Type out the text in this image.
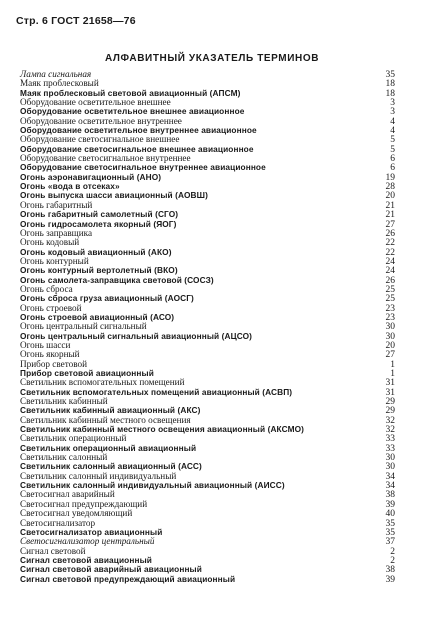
Стр. 6 ГОСТ 21658—76
АЛФАВИТНЫЙ УКАЗАТЕЛЬ ТЕРМИНОВ
Лампа сигнальная	35
Маяк проблесковый	18
Маяк проблесковый световой авиационный (АПСМ)	18
Оборудование осветительное внешнее	3
Оборудование осветительное внешнее авиационное	3
Оборудование осветительное внутреннее	4
Оборудование осветительное внутреннее авиационное	4
Оборудование светосигнальное внешнее	5
Оборудование светосигнальное внешнее авиационное	5
Оборудование светосигнальное внутреннее	6
Оборудование светосигнальное внутреннее авиационное	6
Огонь аэронавигационный (АНО)	19
Огонь «вода в отсеках»	28
Огонь выпуска шасси авиационный (АОВШ)	20
Огонь габаритный	21
Огонь габаритный самолетный (СГО)	21
Огонь гидросамолета якорный (ЯОГ)	27
Огонь заправщика	26
Огонь кодовый	22
Огонь кодовый авиационный (АКО)	22
Огонь контурный	24
Огонь контурный вертолетный (ВКО)	24
Огонь самолета-заправщика световой (СОСЗ)	26
Огонь сброса	25
Огонь сброса груза авиационный (АОСГ)	25
Огонь строевой	23
Огонь строевой авиационный (АСО)	23
Огонь центральный сигнальный	30
Огонь центральный сигнальный авиационный (АЦСО)	30
Огонь шасси	20
Огонь якорный	27
Прибор световой	1
Прибор световой авиационный	1
Светильник вспомогательных помещений	31
Светильник вспомогательных помещений авиационный (АСВП)	31
Светильник кабинный	29
Светильник кабинный авиационный (АКС)	29
Светильник кабинный местного освещения	32
Светильник кабинный местного освещения авиационный (АКСМО)	32
Светильник операционный	33
Светильник операционный авиационный	33
Светильник салонный	30
Светильник салонный авиационный (АСС)	30
Светильник салонный индивидуальный	34
Светильник салонный индивидуальный авиационный (АИСС)	34
Светосигнал аварийный	38
Светосигнал предупреждающий	39
Светосигнал уведомляющий	40
Светосигнализатор	35
Светосигнализатор авиационный	35
Светосигнализатор центральный	37
Сигнал световой	2
Сигнал световой авиационный	2
Сигнал световой аварийный авиационный	38
Сигнал световой предупреждающий авиационный	39
